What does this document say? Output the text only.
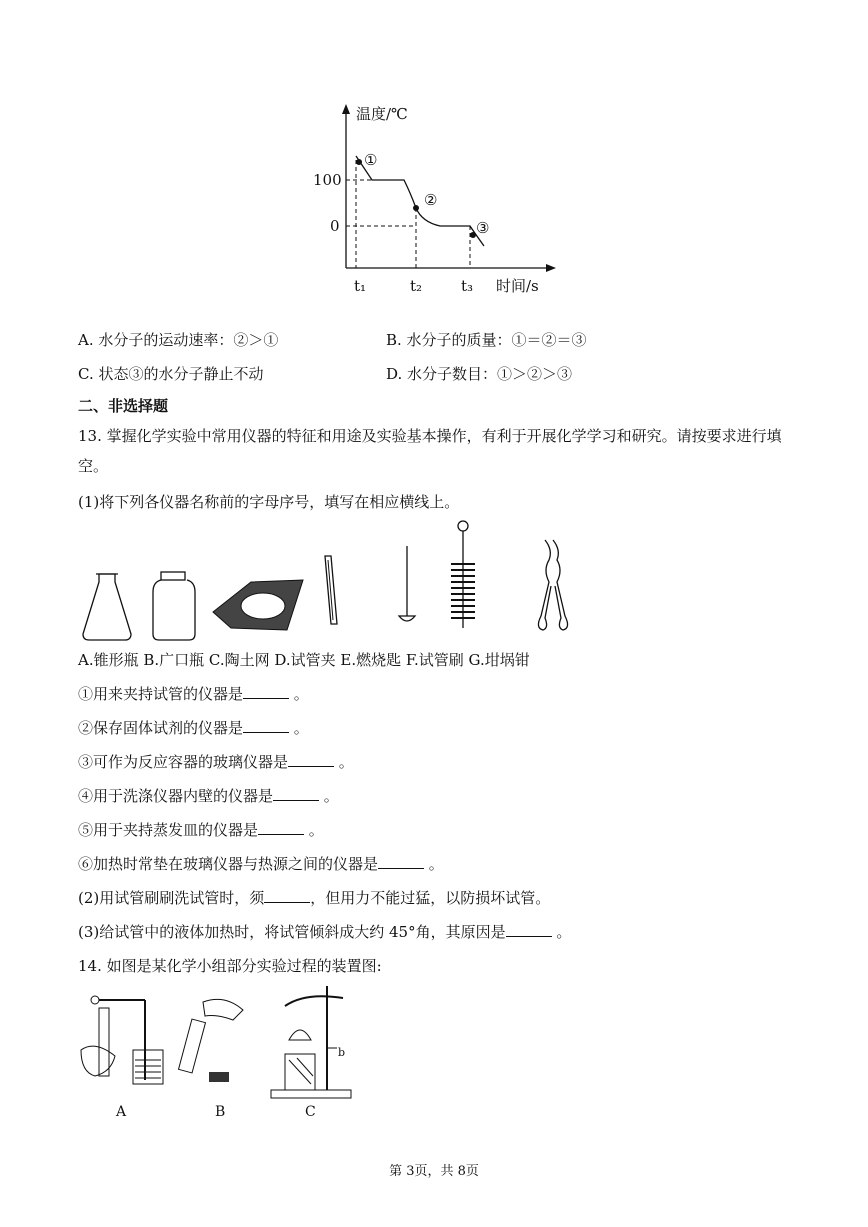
温度/℃
100
0
①
②
③
t₁	t₂	t₃ 时间/s
A. 水分子的运动速率：②＞①	B. 水分子的质量：①＝②＝③
C. 状态③的水分子静止不动	D. 水分子数目：①＞②＞③
二、非选择题
13. 掌握化学实验中常用仪器的特征和用途及实验基本操作，有利于开展化学学习和研究。请按要求进行填
空。
(1)将下列各仪器名称前的字母序号，填写在相应横线上。
A.锥形瓶 B.广口瓶 C.陶土网 D.试管夹 E.燃烧匙 F.试管刷 G.坩埚钳
①用来夹持试管的仪器是	。
②保存固体试剂的仪器是	。
③可作为反应容器的玻璃仪器是	。
④用于洗涤仪器内壁的仪器是	。
⑤用于夹持蒸发皿的仪器是	。
⑥加热时常垫在玻璃仪器与热源之间的仪器是	。
(2)用试管刷刷洗试管时，须	，但用力不能过猛，以防损坏试管。
(3)给试管中的液体加热时，将试管倾斜成大约 45°角，其原因是	。
14. 如图是某化学小组部分实验过程的装置图:
A	B	C
b
第 3页，共 8页
